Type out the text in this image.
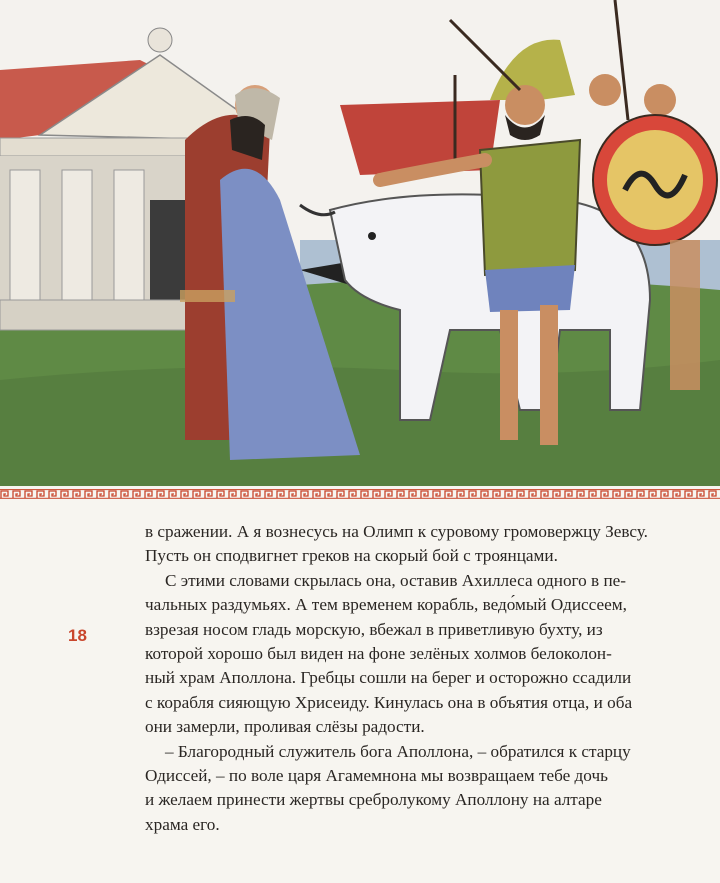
18

в сражении. А я вознесусь на Олимп к суровому громовержцу Зевсу.
Пусть он сподвигнет греков на скорый бой с троянцами.

С этими словами скрылась она, оставив Ахиллеса одного в пе-
чальных раздумьях. А тем временем корабль, ведо́мый Одиссеем,
взрезая носом гладь морскую, вбежал в приветливую бухту, из
которой хорошо был виден на фоне зелёных холмов белоколон-
ный храм Аполлона. Гребцы сошли на берег и осторожно ссадили
с корабля сияющую Хрисеиду. Кинулась она в объятия отца, и оба
они замерли, проливая слёзы радости.

– Благородный служитель бога Аполлона, – обратился к старцу
Одиссей, – по воле царя Агамемнона мы возвращаем тебе дочь
и желаем принести жертвы сребролукому Аполлону на алтаре
храма его.
